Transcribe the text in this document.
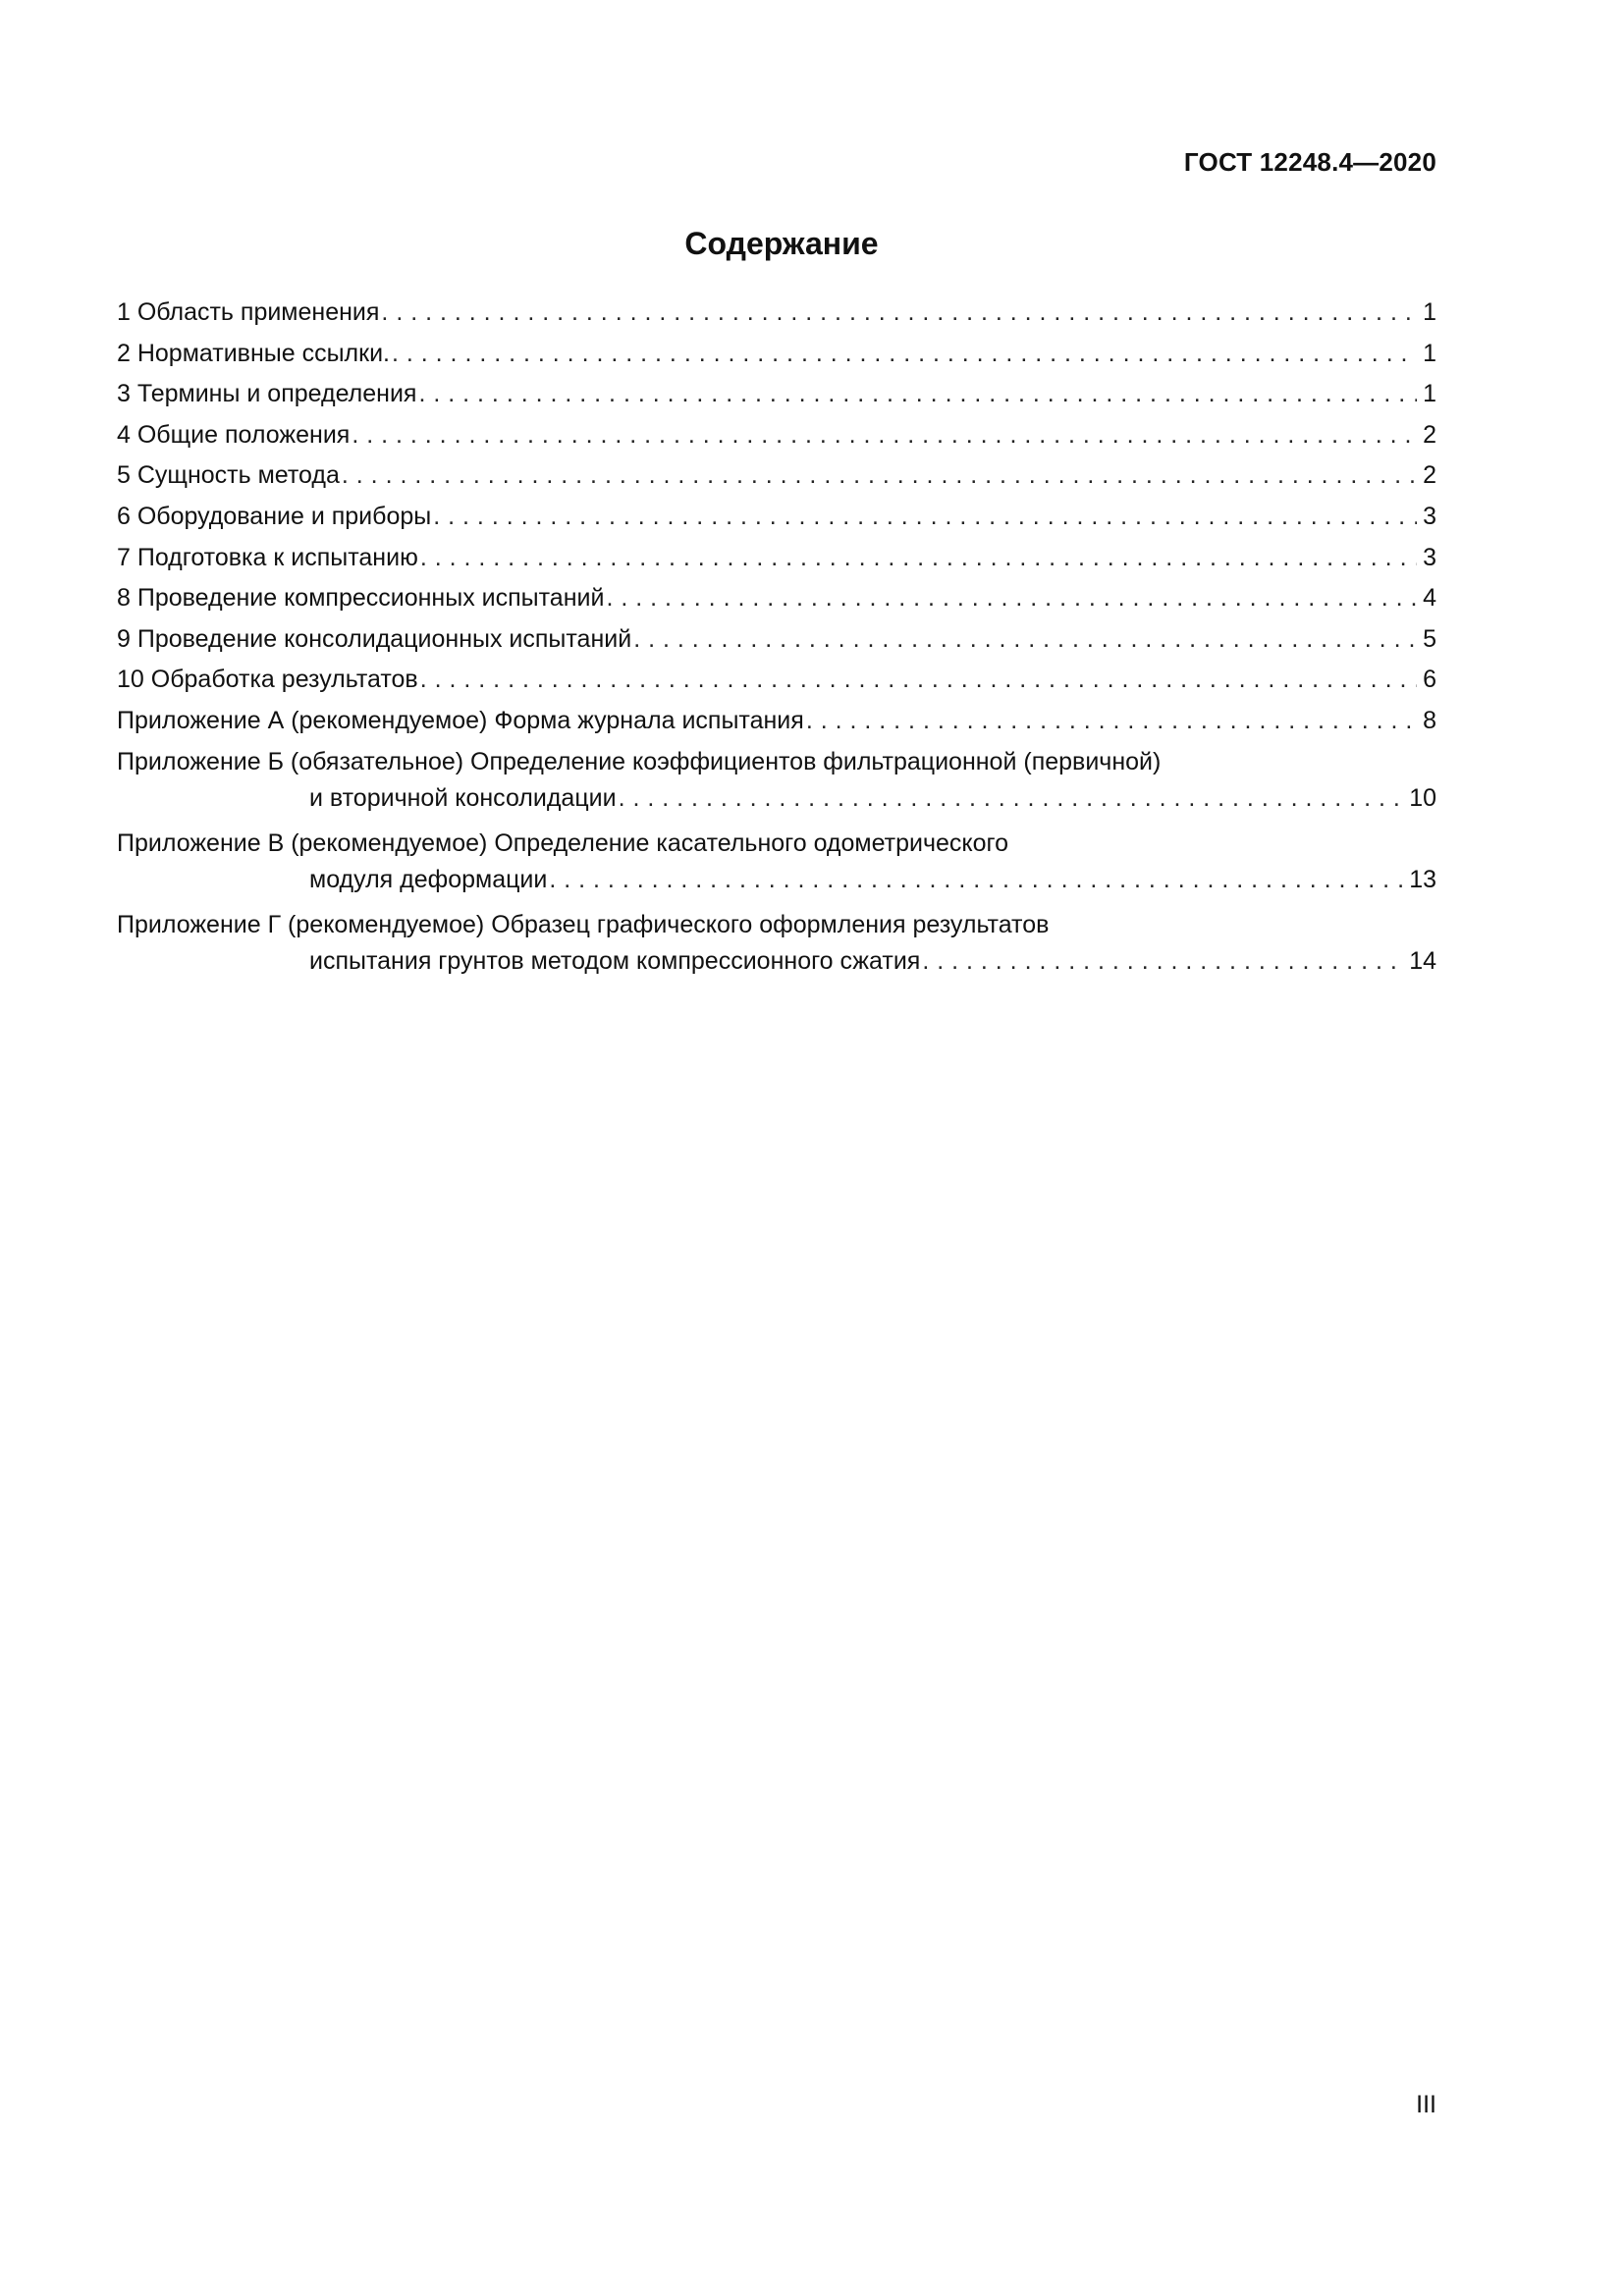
ГОСТ 12248.4—2020
Содержание
1 Область применения . . .	1
2 Нормативные ссылки. . . .	1
3 Термины и определения . . .	1
4 Общие положения . . .	2
5 Сущность метода . . .	2
6 Оборудование и приборы . . .	3
7 Подготовка к испытанию . . .	3
8 Проведение компрессионных испытаний . . .	4
9 Проведение консолидационных испытаний . . .	5
10 Обработка результатов . . .	6
Приложение А (рекомендуемое) Форма журнала испытания . . .	8
Приложение Б (обязательное) Определение коэффициентов фильтрационной (первичной)
и вторичной консолидации . . .	10
Приложение В (рекомендуемое) Определение касательного одометрического
модуля деформации . . .	13
Приложение Г (рекомендуемое) Образец графического оформления результатов
испытания грунтов методом компрессионного сжатия . . .	14
III
